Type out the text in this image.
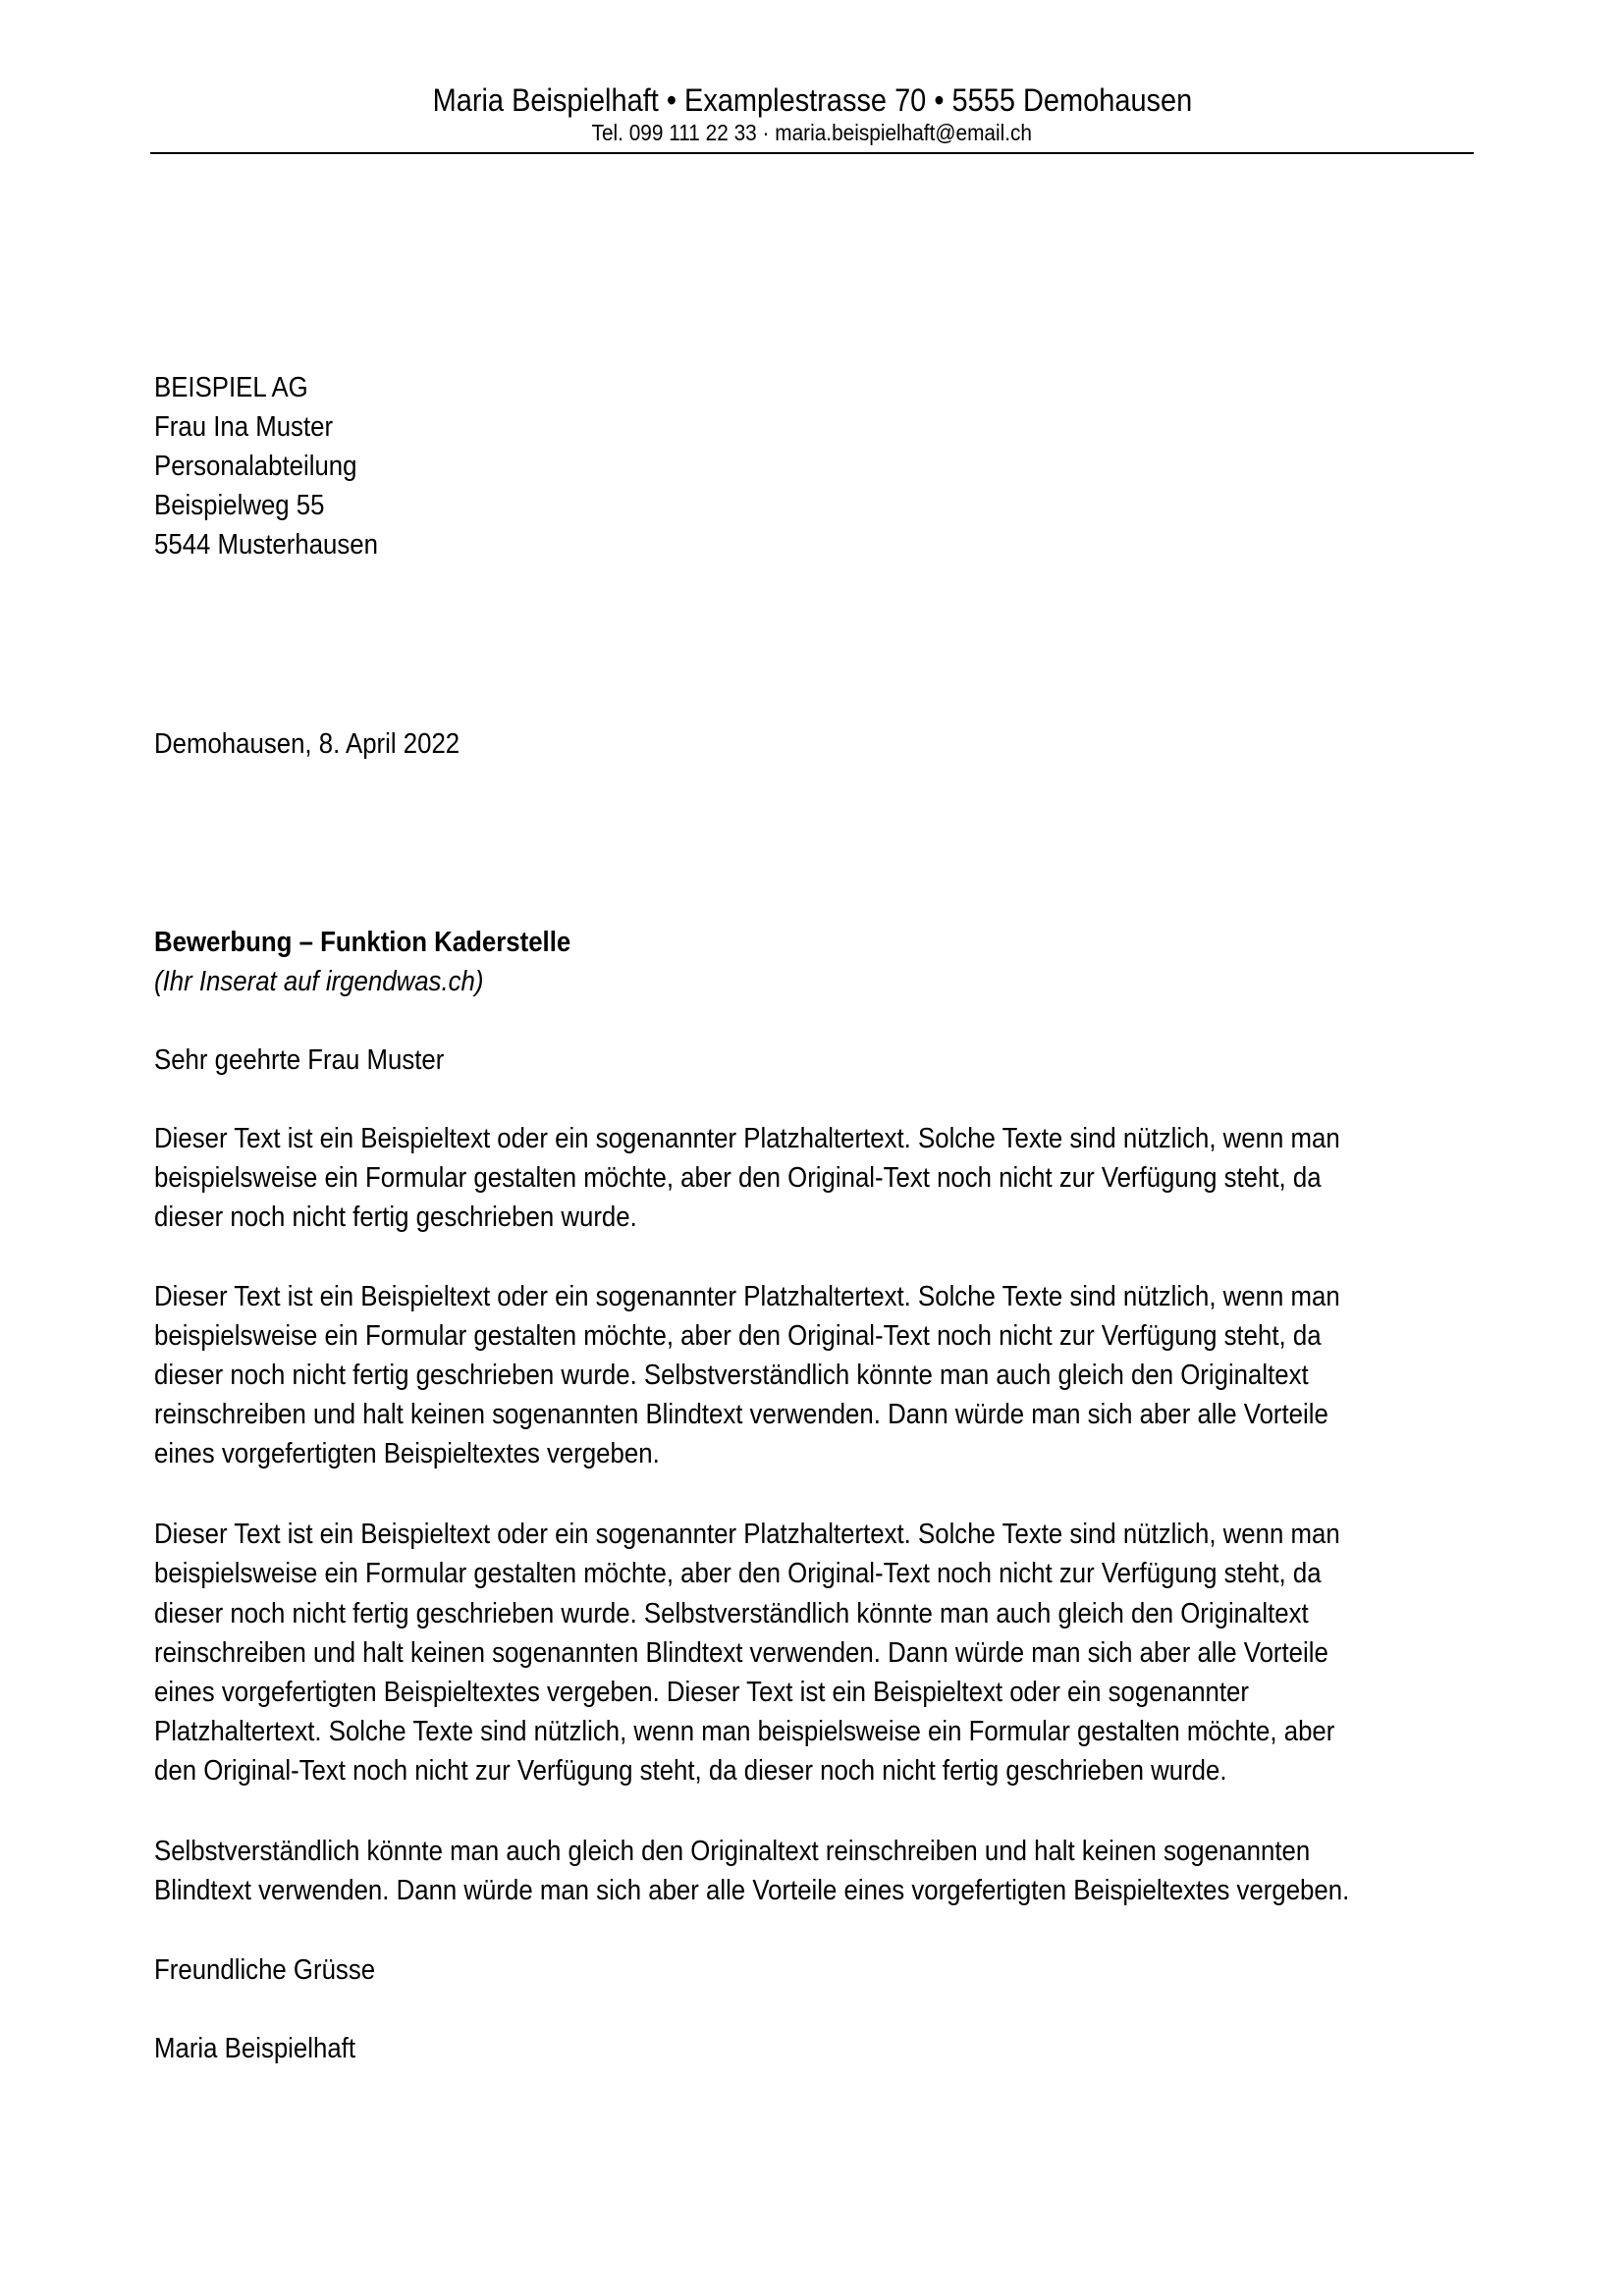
Maria Beispielhaft • Examplestrasse 70 • 5555 Demohausen
Tel. 099 111 22 33 · maria.beispielhaft@email.ch
BEISPIEL AG
Frau Ina Muster
Personalabteilung
Beispielweg 55
5544 Musterhausen
Demohausen, 8. April 2022
Bewerbung – Funktion Kaderstelle
(Ihr Inserat auf irgendwas.ch)
Sehr geehrte Frau Muster
Dieser Text ist ein Beispieltext oder ein sogenannter Platzhaltertext. Solche Texte sind nützlich, wenn man
beispielsweise ein Formular gestalten möchte, aber den Original-Text noch nicht zur Verfügung steht, da
dieser noch nicht fertig geschrieben wurde.
Dieser Text ist ein Beispieltext oder ein sogenannter Platzhaltertext. Solche Texte sind nützlich, wenn man
beispielsweise ein Formular gestalten möchte, aber den Original-Text noch nicht zur Verfügung steht, da
dieser noch nicht fertig geschrieben wurde. Selbstverständlich könnte man auch gleich den Originaltext
reinschreiben und halt keinen sogenannten Blindtext verwenden. Dann würde man sich aber alle Vorteile
eines vorgefertigten Beispieltextes vergeben.
Dieser Text ist ein Beispieltext oder ein sogenannter Platzhaltertext. Solche Texte sind nützlich, wenn man
beispielsweise ein Formular gestalten möchte, aber den Original-Text noch nicht zur Verfügung steht, da
dieser noch nicht fertig geschrieben wurde. Selbstverständlich könnte man auch gleich den Originaltext
reinschreiben und halt keinen sogenannten Blindtext verwenden. Dann würde man sich aber alle Vorteile
eines vorgefertigten Beispieltextes vergeben. Dieser Text ist ein Beispieltext oder ein sogenannter
Platzhaltertext. Solche Texte sind nützlich, wenn man beispielsweise ein Formular gestalten möchte, aber
den Original-Text noch nicht zur Verfügung steht, da dieser noch nicht fertig geschrieben wurde.
Selbstverständlich könnte man auch gleich den Originaltext reinschreiben und halt keinen sogenannten
Blindtext verwenden. Dann würde man sich aber alle Vorteile eines vorgefertigten Beispieltextes vergeben.
Freundliche Grüsse
Maria Beispielhaft
